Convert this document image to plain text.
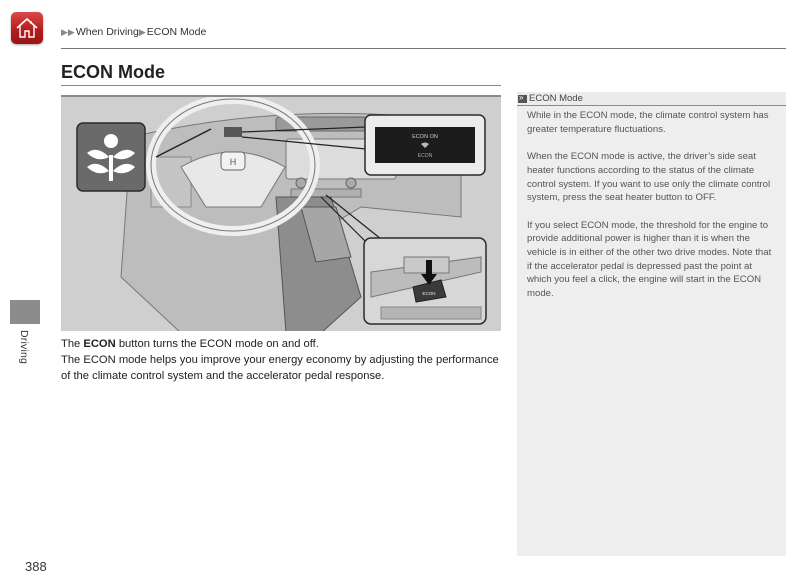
▶▶ When Driving ▶ ECON Mode
ECON Mode
H
ECON ON
ECON
ECON

The ECON button turns the ECON mode on and off.

The ECON mode helps you improve your energy economy by adjusting the performance of the climate control system and the accelerator pedal response.

Driving
388
»
ECON Mode

While in the ECON mode, the climate control system has greater temperature fluctuations.

When the ECON mode is active, the driver’s side seat heater functions according to the status of the climate control system. If you want to use only the climate control system, press the seat heater button to OFF.

If you select ECON mode, the threshold for the engine to provide additional power is higher than it is when the vehicle is in either of the other two drive modes. Note that if the accelerator pedal is depressed past the point at which you feel a click, the engine will start in the ECON mode.
